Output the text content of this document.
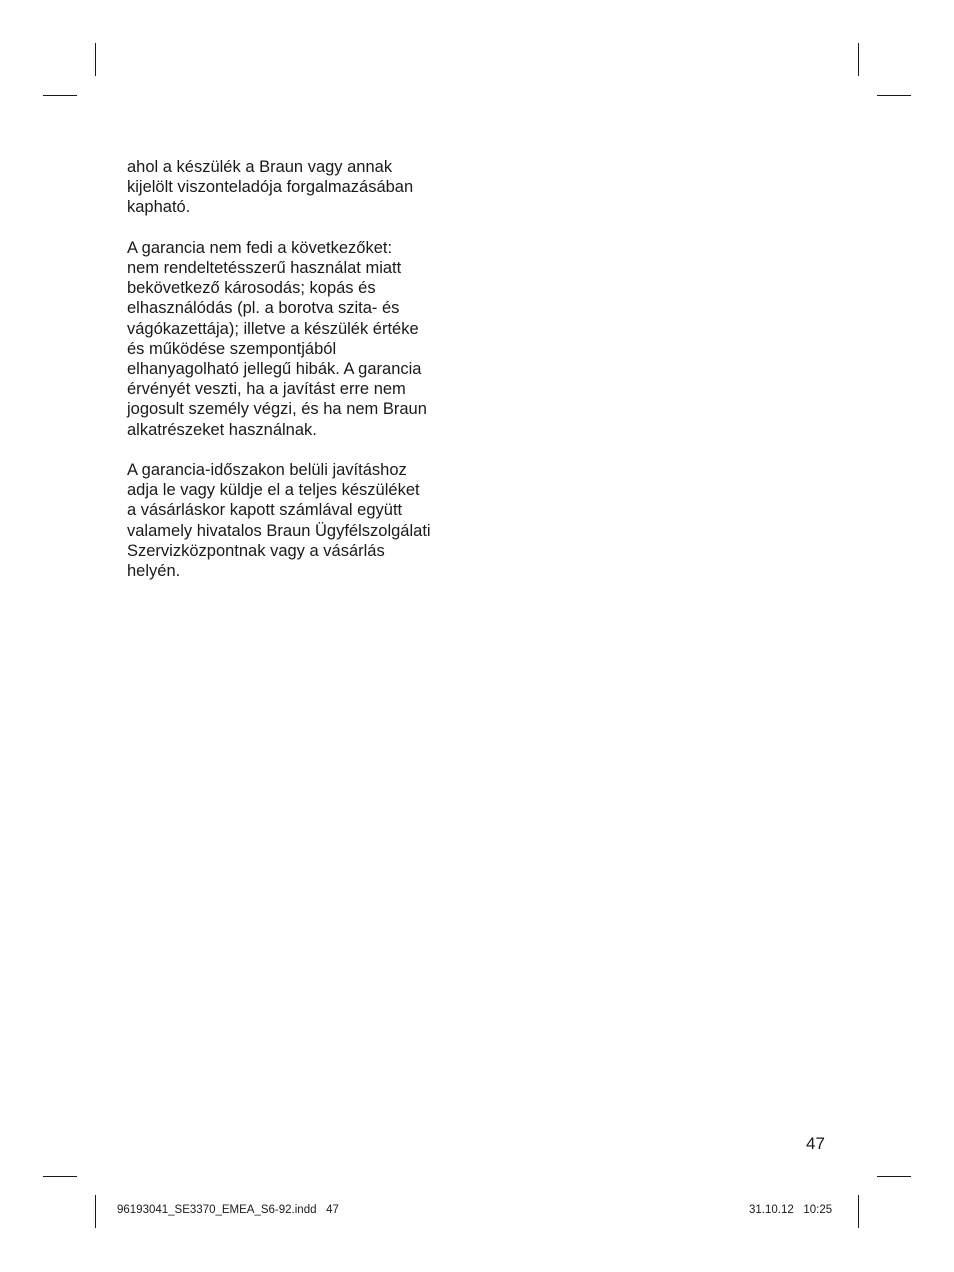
ahol a készülék a Braun vagy annak
kijelölt viszonteladója forgalmazásában
kapható.

A garancia nem fedi a következőket:
nem rendeltetésszerű használat miatt
bekövetkező károsodás; kopás és
elhasználódás (pl. a borotva szita- és
vágókazettája); illetve a készülék értéke
és működése szempontjából
elhanyagolható jellegű hibák. A garancia
érvényét veszti, ha a javítást erre nem
jogosult személy végzi, és ha nem Braun
alkatrészeket használnak.

A garancia-időszakon belüli javításhoz
adja le vagy küldje el a teljes készüléket
a vásárláskor kapott számlával együtt
valamely hivatalos Braun Ügyfélszolgálati
Szervizközpontnak vagy a vásárlás
helyén.

47
96193041_SE3370_EMEA_S6-92.indd   47	31.10.12   10:25
